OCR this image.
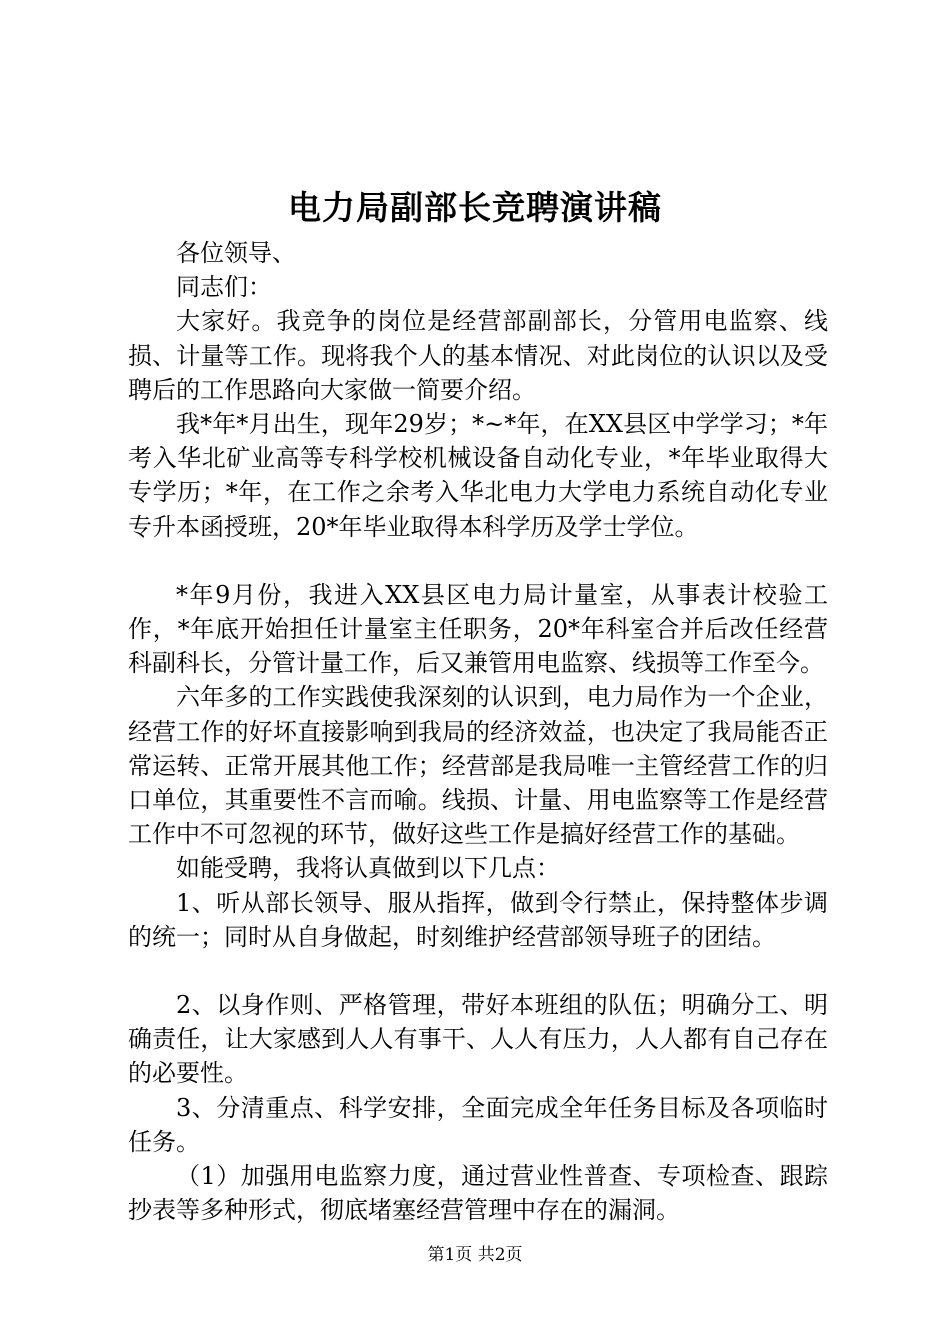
电力局副部长竞聘演讲稿

各位领导、

同志们：

大家好。我竞争的岗位是经营部副部长，分管用电监察、线损、计量等工作。现将我个人的基本情况、对此岗位的认识以及受聘后的工作思路向大家做一简要介绍。

我*年*月出生，现年29岁；*~*年，在XX县区中学学习；*年考入华北矿业高等专科学校机械设备自动化专业，*年毕业取得大专学历；*年，在工作之余考入华北电力大学电力系统自动化专业专升本函授班，20*年毕业取得本科学历及学士学位。

*年9月份，我进入XX县区电力局计量室，从事表计校验工作，*年底开始担任计量室主任职务，20*年科室合并后改任经营科副科长，分管计量工作，后又兼管用电监察、线损等工作至今。

六年多的工作实践使我深刻的认识到，电力局作为一个企业，经营工作的好坏直接影响到我局的经济效益，也决定了我局能否正常运转、正常开展其他工作；经营部是我局唯一主管经营工作的归口单位，其重要性不言而喻。线损、计量、用电监察等工作是经营工作中不可忽视的环节，做好这些工作是搞好经营工作的基础。

如能受聘，我将认真做到以下几点：

1、听从部长领导、服从指挥，做到令行禁止，保持整体步调的统一；同时从自身做起，时刻维护经营部领导班子的团结。

2、以身作则、严格管理，带好本班组的队伍；明确分工、明确责任，让大家感到人人有事干、人人有压力，人人都有自己存在的必要性。

3、分清重点、科学安排，全面完成全年任务目标及各项临时任务。

（1）加强用电监察力度，通过营业性普查、专项检查、跟踪抄表等多种形式，彻底堵塞经营管理中存在的漏洞。

第1页 共2页
